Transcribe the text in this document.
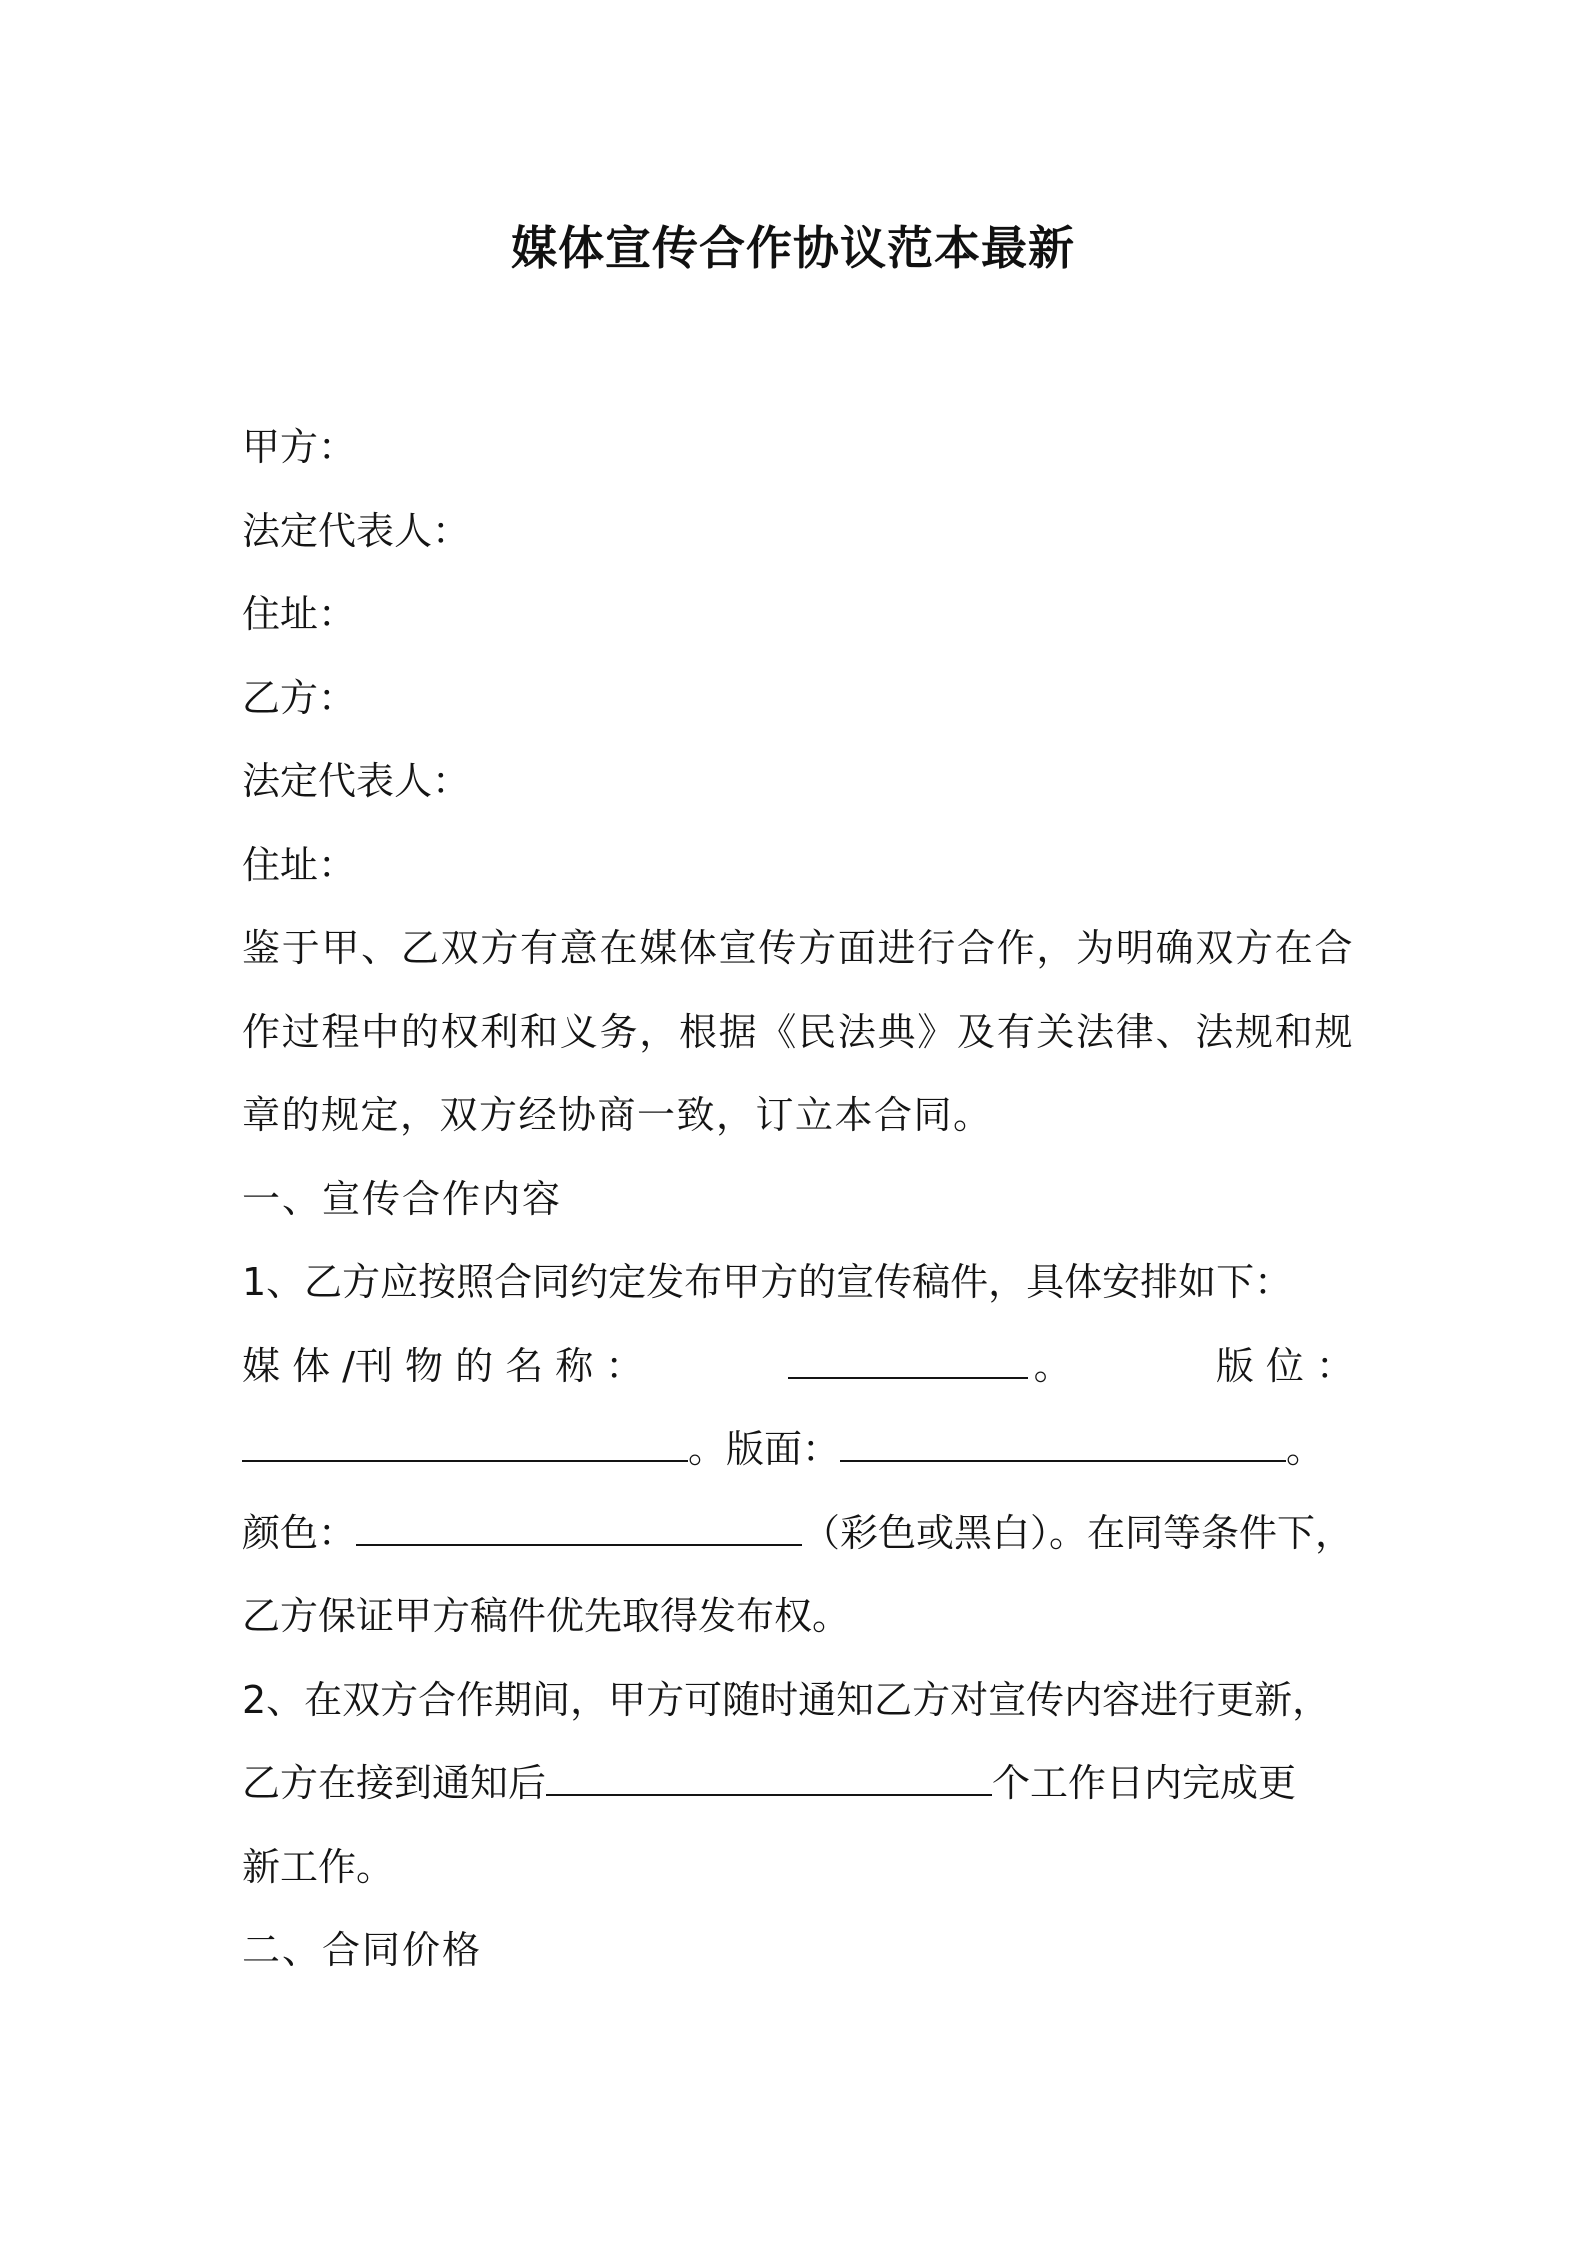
媒体宣传合作协议范本最新
甲方：
法定代表人：
住址：
乙方：
法定代表人：
住址：
鉴于甲、乙双方有意在媒体宣传方面进行合作，为明确双方在合作过程中的权利和义务，根据《民法典》及有关法律、法规和规章的规定，双方经协商一致，订立本合同。
一、宣传合作内容
1、乙方应按照合同约定发布甲方的宣传稿件，具体安排如下：
媒 体 /刊 物 的 名 称 ：	。	版 位 ：
。 版面：	。
颜色：	（彩色或黑白）。在同等条件下，
乙方保证甲方稿件优先取得发布权。
2、在双方合作期间，甲方可随时通知乙方对宣传内容进行更新，
乙方在接到通知后	个工作日内完成更
新工作。
二、合同价格
